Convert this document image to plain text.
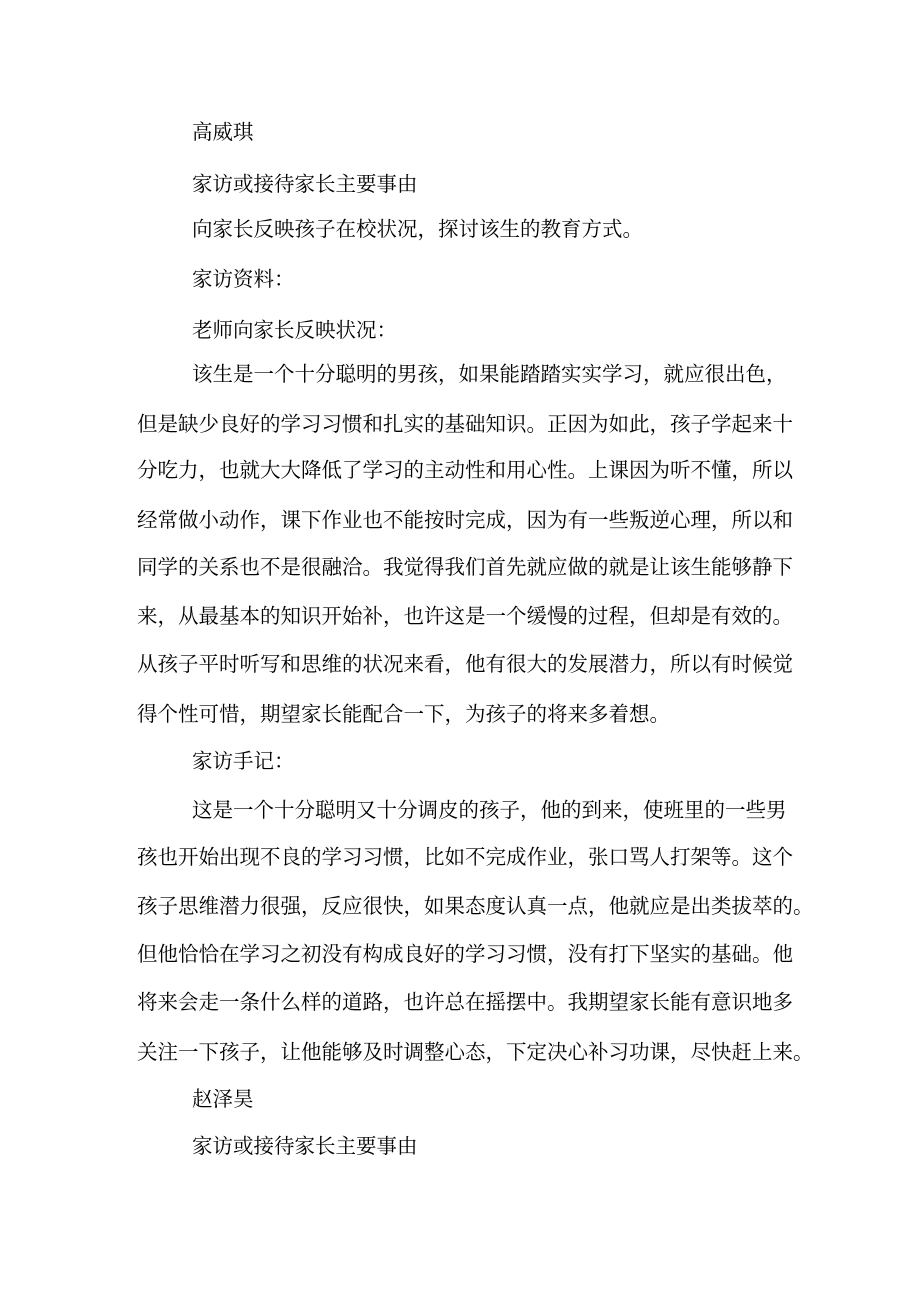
高威琪
家访或接待家长主要事由
向家长反映孩子在校状况，探讨该生的教育方式。
家访资料：
老师向家长反映状况：
该生是一个十分聪明的男孩，如果能踏踏实实学习，就应很出色，
但是缺少良好的学习习惯和扎实的基础知识。正因为如此，孩子学起来十
分吃力，也就大大降低了学习的主动性和用心性。上课因为听不懂，所以
经常做小动作，课下作业也不能按时完成，因为有一些叛逆心理，所以和
同学的关系也不是很融洽。我觉得我们首先就应做的就是让该生能够静下
来，从最基本的知识开始补，也许这是一个缓慢的过程，但却是有效的。
从孩子平时听写和思维的状况来看，他有很大的发展潜力，所以有时候觉
得个性可惜，期望家长能配合一下，为孩子的将来多着想。
家访手记：
这是一个十分聪明又十分调皮的孩子，他的到来，使班里的一些男
孩也开始出现不良的学习习惯，比如不完成作业，张口骂人打架等。这个
孩子思维潜力很强，反应很快，如果态度认真一点，他就应是出类拔萃的。
但他恰恰在学习之初没有构成良好的学习习惯，没有打下坚实的基础。他
将来会走一条什么样的道路，也许总在摇摆中。我期望家长能有意识地多
关注一下孩子，让他能够及时调整心态，下定决心补习功课，尽快赶上来。
赵泽昊
家访或接待家长主要事由
